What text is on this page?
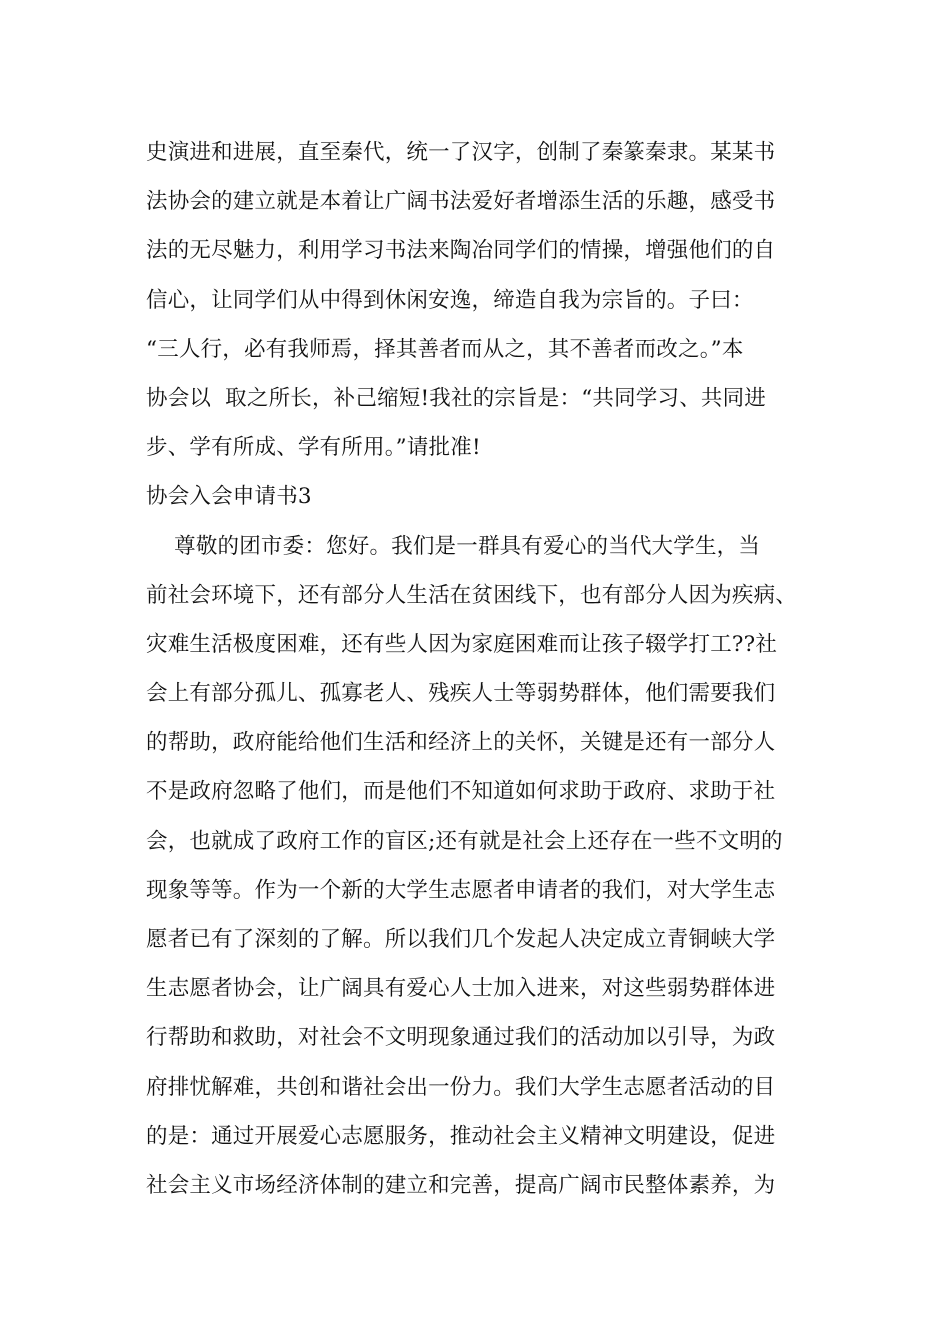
史演进和进展，直至秦代，统一了汉字，创制了秦篆秦隶。某某书
法协会的建立就是本着让广阔书法爱好者增添生活的乐趣，感受书
法的无尽魅力，利用学习书法来陶冶同学们的情操，增强他们的自
信心，让同学们从中得到休闲安逸，缔造自我为宗旨的。子曰：
“三人行，必有我师焉，择其善者而从之，其不善者而改之。”本
协会以  取之所长，补己缩短!我社的宗旨是：“共同学习、共同进
步、学有所成、学有所用。”请批准!
协会入会申请书3
尊敬的团市委：您好。我们是一群具有爱心的当代大学生，当
前社会环境下，还有部分人生活在贫困线下，也有部分人因为疾病、
灾难生活极度困难，还有些人因为家庭困难而让孩子辍学打工??社
会上有部分孤儿、孤寡老人、残疾人士等弱势群体，他们需要我们
的帮助，政府能给他们生活和经济上的关怀，关键是还有一部分人
不是政府忽略了他们，而是他们不知道如何求助于政府、求助于社
会，也就成了政府工作的盲区;还有就是社会上还存在一些不文明的
现象等等。作为一个新的大学生志愿者申请者的我们，对大学生志
愿者已有了深刻的了解。所以我们几个发起人决定成立青铜峡大学
生志愿者协会，让广阔具有爱心人士加入进来，对这些弱势群体进
行帮助和救助，对社会不文明现象通过我们的活动加以引导，为政
府排忧解难，共创和谐社会出一份力。我们大学生志愿者活动的目
的是：通过开展爱心志愿服务，推动社会主义精神文明建设，促进
社会主义市场经济体制的建立和完善，提高广阔市民整体素养，为
